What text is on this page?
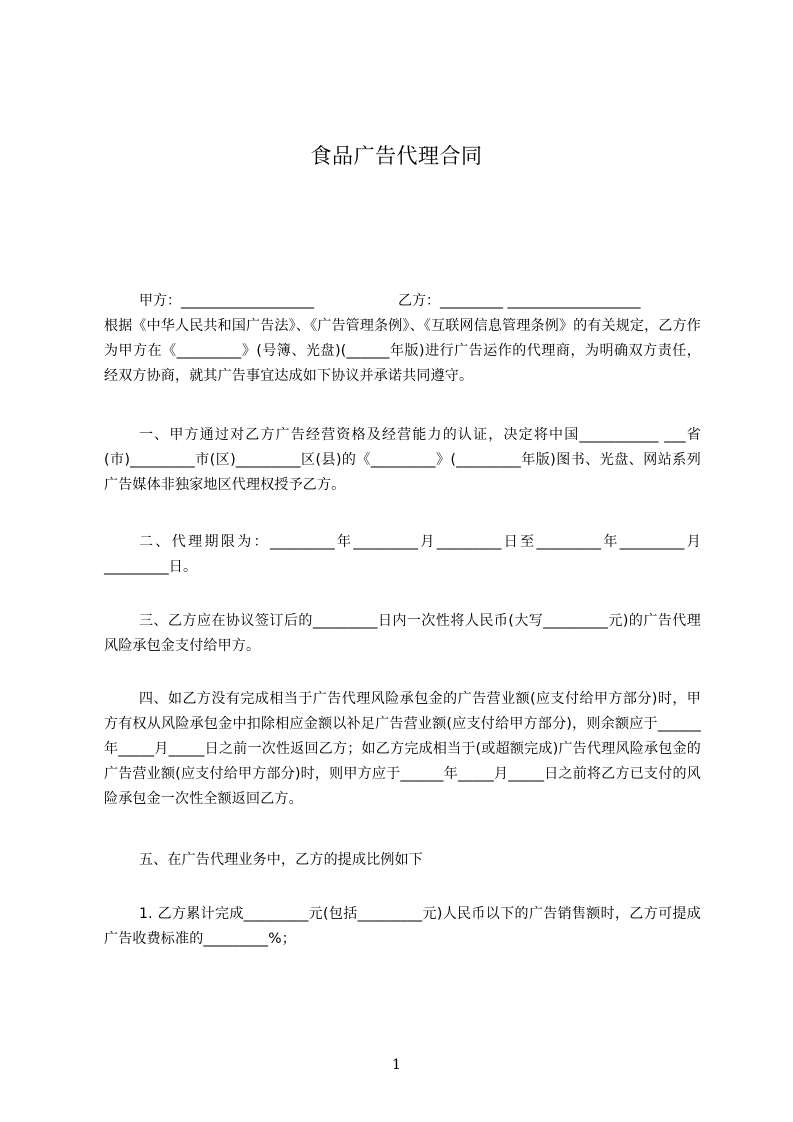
食品广告代理合同
甲方：___________________	乙方：_________ ___________________
根据《中华人民共和国广告法》、《广告管理条例》、《互联网信息管理条例》的有关规定，乙方作为甲方在《_________》(号簿、光盘)(______年版)进行广告运作的代理商，为明确双方责任，经双方协商，就其广告事宜达成如下协议并承诺共同遵守。
一、甲方通过对乙方广告经营资格及经营能力的认证，决定将中国___________ ___省(市)_________市(区)_________区(县)的《_________》(_________年版)图书、光盘、网站系列广告媒体非独家地区代理权授予乙方。
二、代理期限为：_________年_________月_________日至_________年_________月_________日。
三、乙方应在协议签订后的_________日内一次性将人民币(大写_________元)的广告代理风险承包金支付给甲方。
四、如乙方没有完成相当于广告代理风险承包金的广告营业额(应支付给甲方部分)时，甲方有权从风险承包金中扣除相应金额以补足广告营业额(应支付给甲方部分)，则余额应于______年_____月_____日之前一次性返回乙方；如乙方完成相当于(或超额完成)广告代理风险承包金的广告营业额(应支付给甲方部分)时，则甲方应于______年_____月_____日之前将乙方已支付的风险承包金一次性全额返回乙方。
五、在广告代理业务中，乙方的提成比例如下
1. 乙方累计完成_________元(包括_________元)人民币以下的广告销售额时，乙方可提成广告收费标准的_________%；
1
